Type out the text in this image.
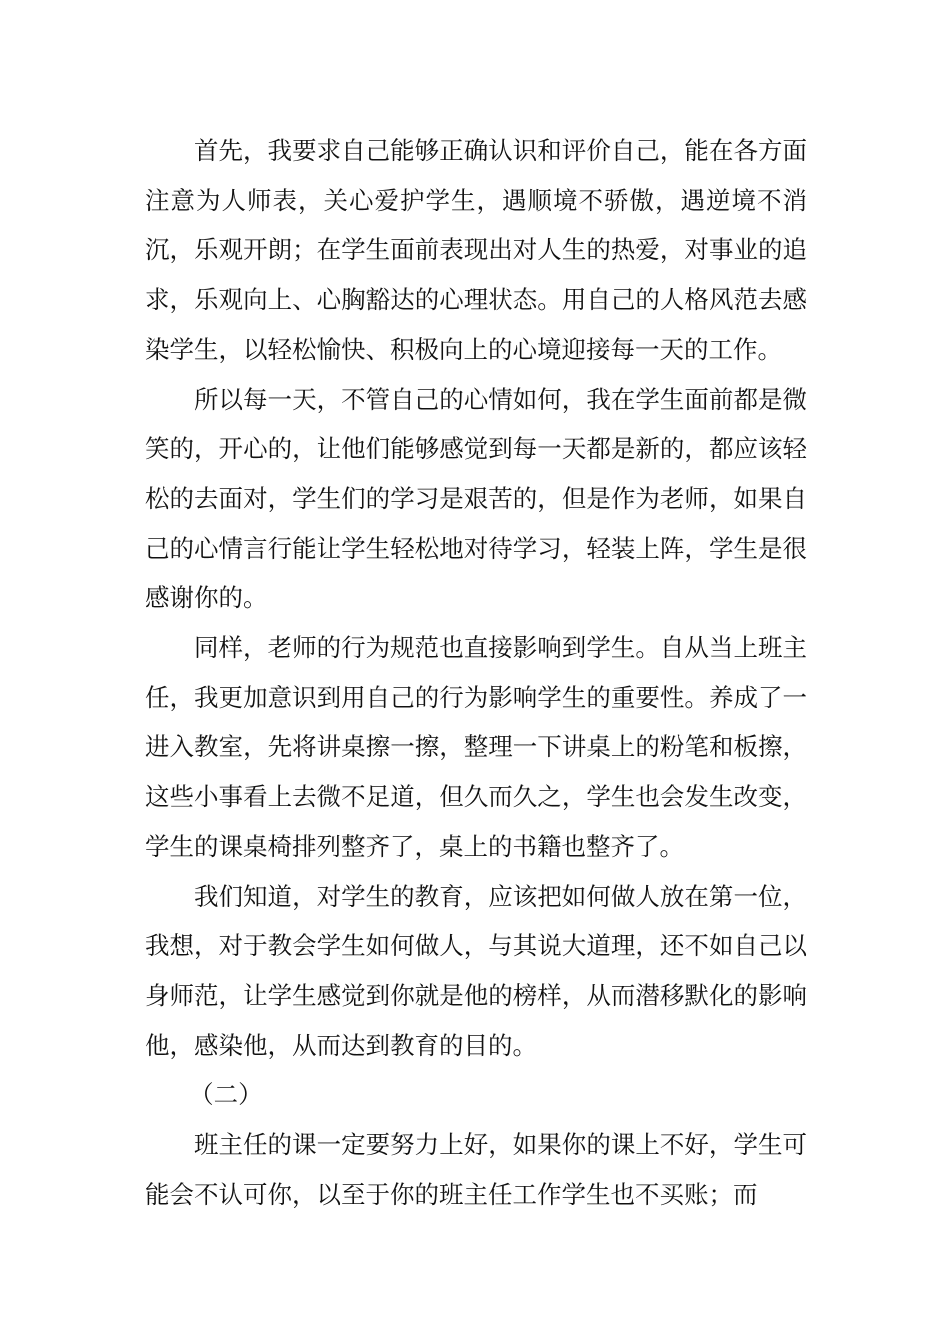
首先，我要求自己能够正确认识和评价自己，能在各方面注意为人师表，关心爱护学生，遇顺境不骄傲，遇逆境不消沉，乐观开朗；在学生面前表现出对人生的热爱，对事业的追求，乐观向上、心胸豁达的心理状态。用自己的人格风范去感染学生，以轻松愉快、积极向上的心境迎接每一天的工作。

所以每一天，不管自己的心情如何，我在学生面前都是微笑的，开心的，让他们能够感觉到每一天都是新的，都应该轻松的去面对，学生们的学习是艰苦的，但是作为老师，如果自己的心情言行能让学生轻松地对待学习，轻装上阵，学生是很感谢你的。

同样，老师的行为规范也直接影响到学生。自从当上班主任，我更加意识到用自己的行为影响学生的重要性。养成了一进入教室，先将讲桌擦一擦，整理一下讲桌上的粉笔和板擦，这些小事看上去微不足道，但久而久之，学生也会发生改变，学生的课桌椅排列整齐了，桌上的书籍也整齐了。

我们知道，对学生的教育，应该把如何做人放在第一位，我想，对于教会学生如何做人，与其说大道理，还不如自己以身师范，让学生感觉到你就是他的榜样，从而潜移默化的影响他，感染他，从而达到教育的目的。

（二）

班主任的课一定要努力上好，如果你的课上不好，学生可能会不认可你，以至于你的班主任工作学生也不买账；而
